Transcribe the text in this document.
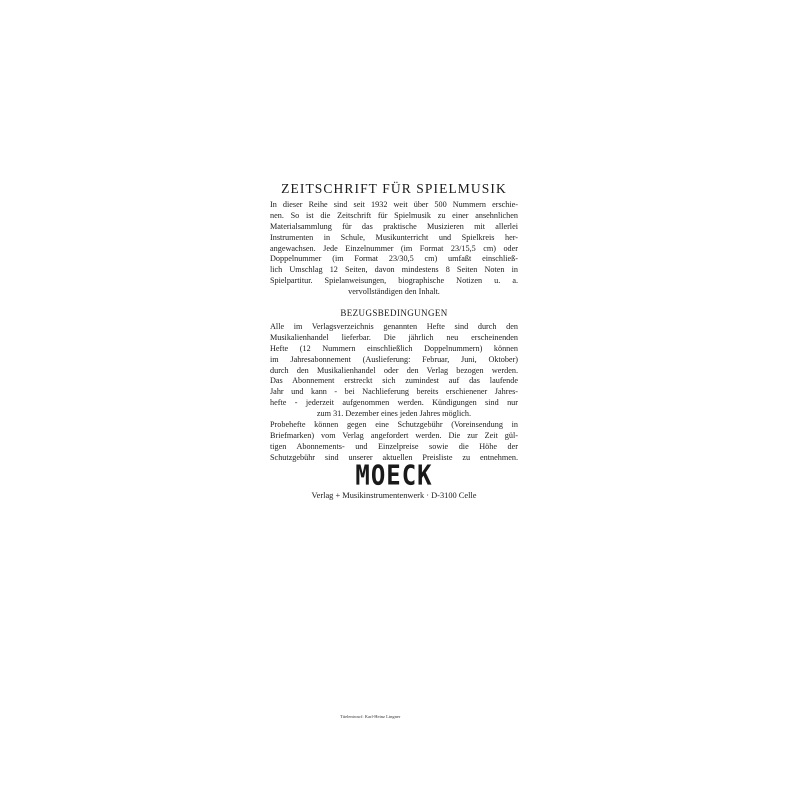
ZEITSCHRIFT FÜR SPIELMUSIK
In dieser Reihe sind seit 1932 weit über 500 Nummern erschie-
nen. So ist die Zeitschrift für Spielmusik zu einer ansehnlichen
Materialsammlung für das praktische Musizieren mit allerlei
Instrumenten in Schule, Musikunterricht und Spielkreis her-
angewachsen. Jede Einzelnummer (im Format 23/15,5 cm) oder
Doppelnummer (im Format 23/30,5 cm) umfaßt einschließ-
lich Umschlag 12 Seiten, davon mindestens 8 Seiten Noten in
Spielpartitur. Spielanweisungen, biographische Notizen u. a.
vervollständigen den Inhalt.
BEZUGSBEDINGUNGEN
Alle im Verlagsverzeichnis genannten Hefte sind durch den
Musikalienhandel lieferbar. Die jährlich neu erscheinenden
Hefte (12 Nummern einschließlich Doppelnummern) können
im Jahresabonnement (Auslieferung: Februar, Juni, Oktober)
durch den Musikalienhandel oder den Verlag bezogen werden.
Das Abonnement erstreckt sich zumindest auf das laufende
Jahr und kann - bei Nachlieferung bereits erschienener Jahres-
hefte - jederzeit aufgenommen werden. Kündigungen sind nur
zum 31. Dezember eines jeden Jahres möglich.
Probehefte können gegen eine Schutzgebühr (Voreinsendung in
Briefmarken) vom Verlag angefordert werden. Die zur Zeit gül-
tigen Abonnements- und Einzelpreise sowie die Höhe der
Schutzgebühr sind unserer aktuellen Preisliste zu entnehmen.
MOECK
Verlag + Musikinstrumentenwerk · D-3100 Celle
Titelentwurf: Karl-Heinz Lingner
